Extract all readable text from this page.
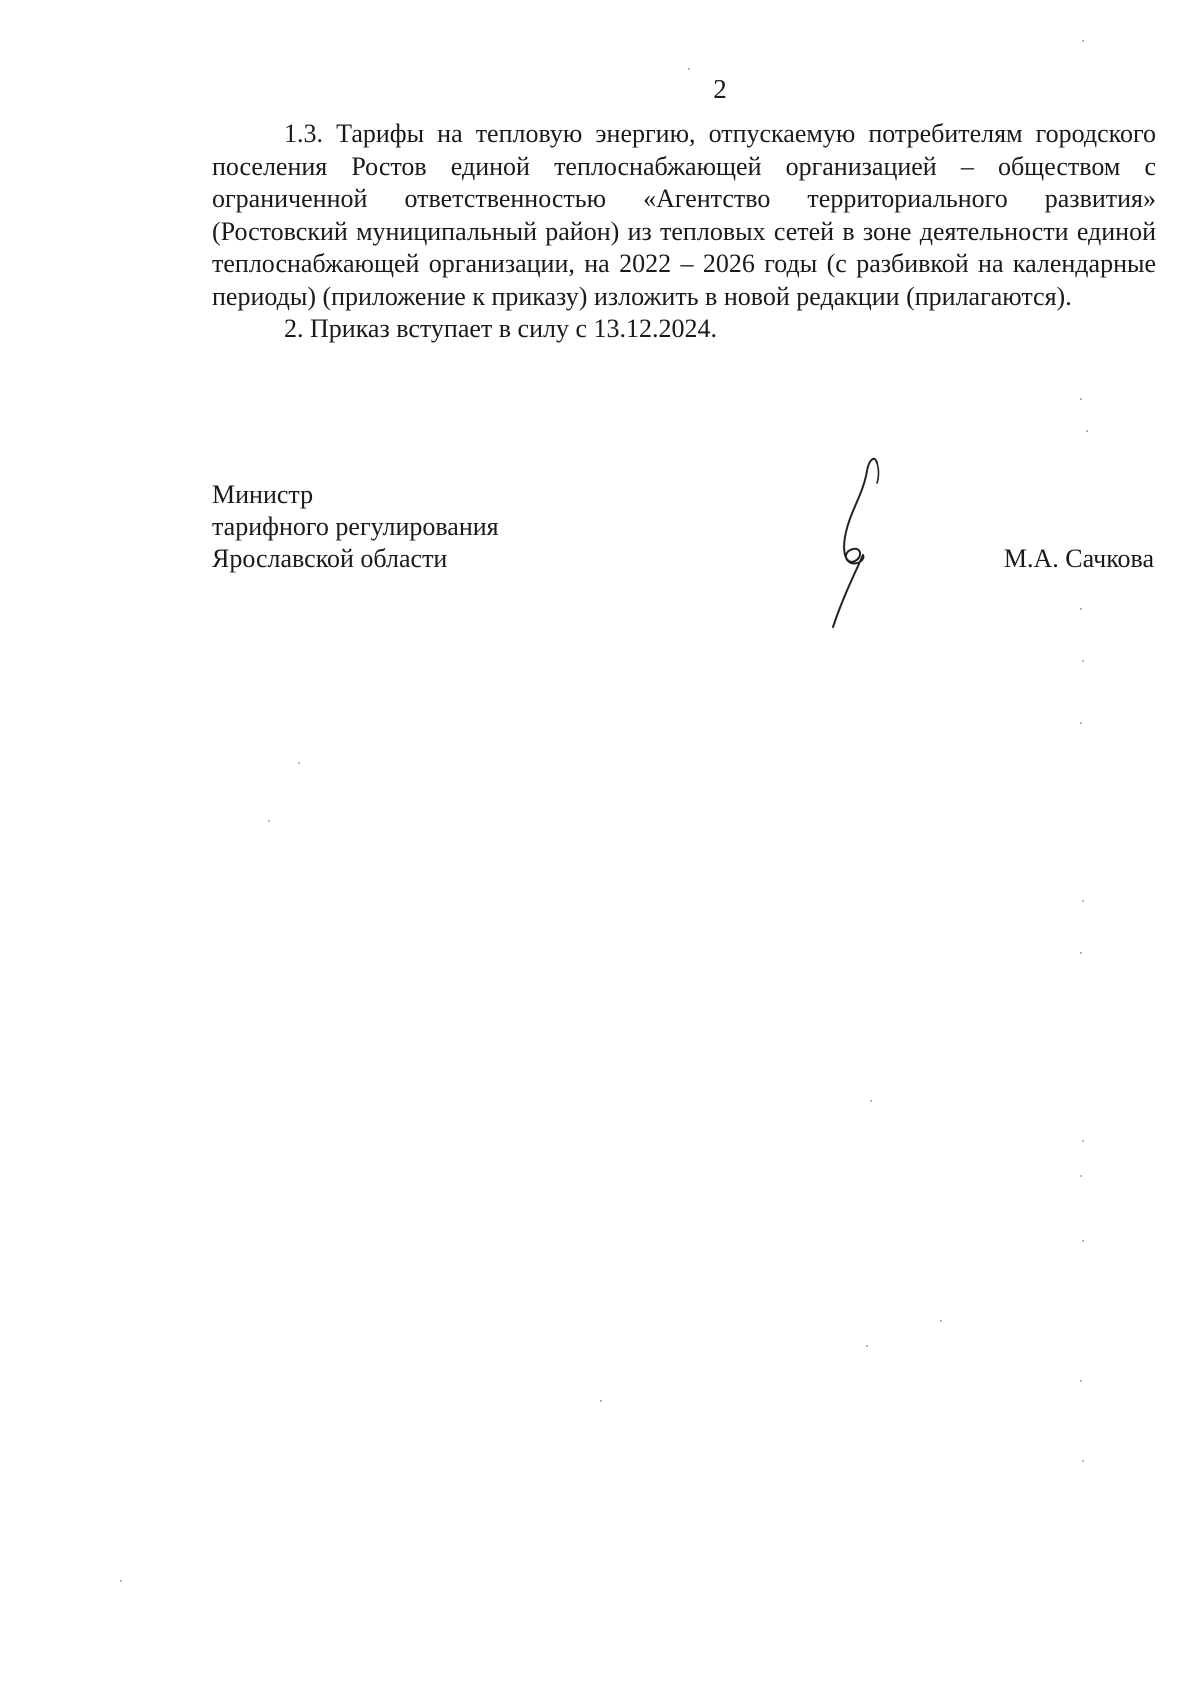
2

1.3. Тарифы на тепловую энергию, отпускаемую потребителям городского поселения Ростов единой теплоснабжающей организацией – обществом с ограниченной ответственностью «Агентство территориального развития» (Ростовский муниципальный район) из тепловых сетей в зоне деятельности единой теплоснабжающей организации, на 2022 – 2026 годы (с разбивкой на календарные периоды) (приложение к приказу) изложить в новой редакции (прилагаются).

2. Приказ вступает в силу с 13.12.2024.

Министр
тарифного регулирования
Ярославской области	М.А. Сачкова
